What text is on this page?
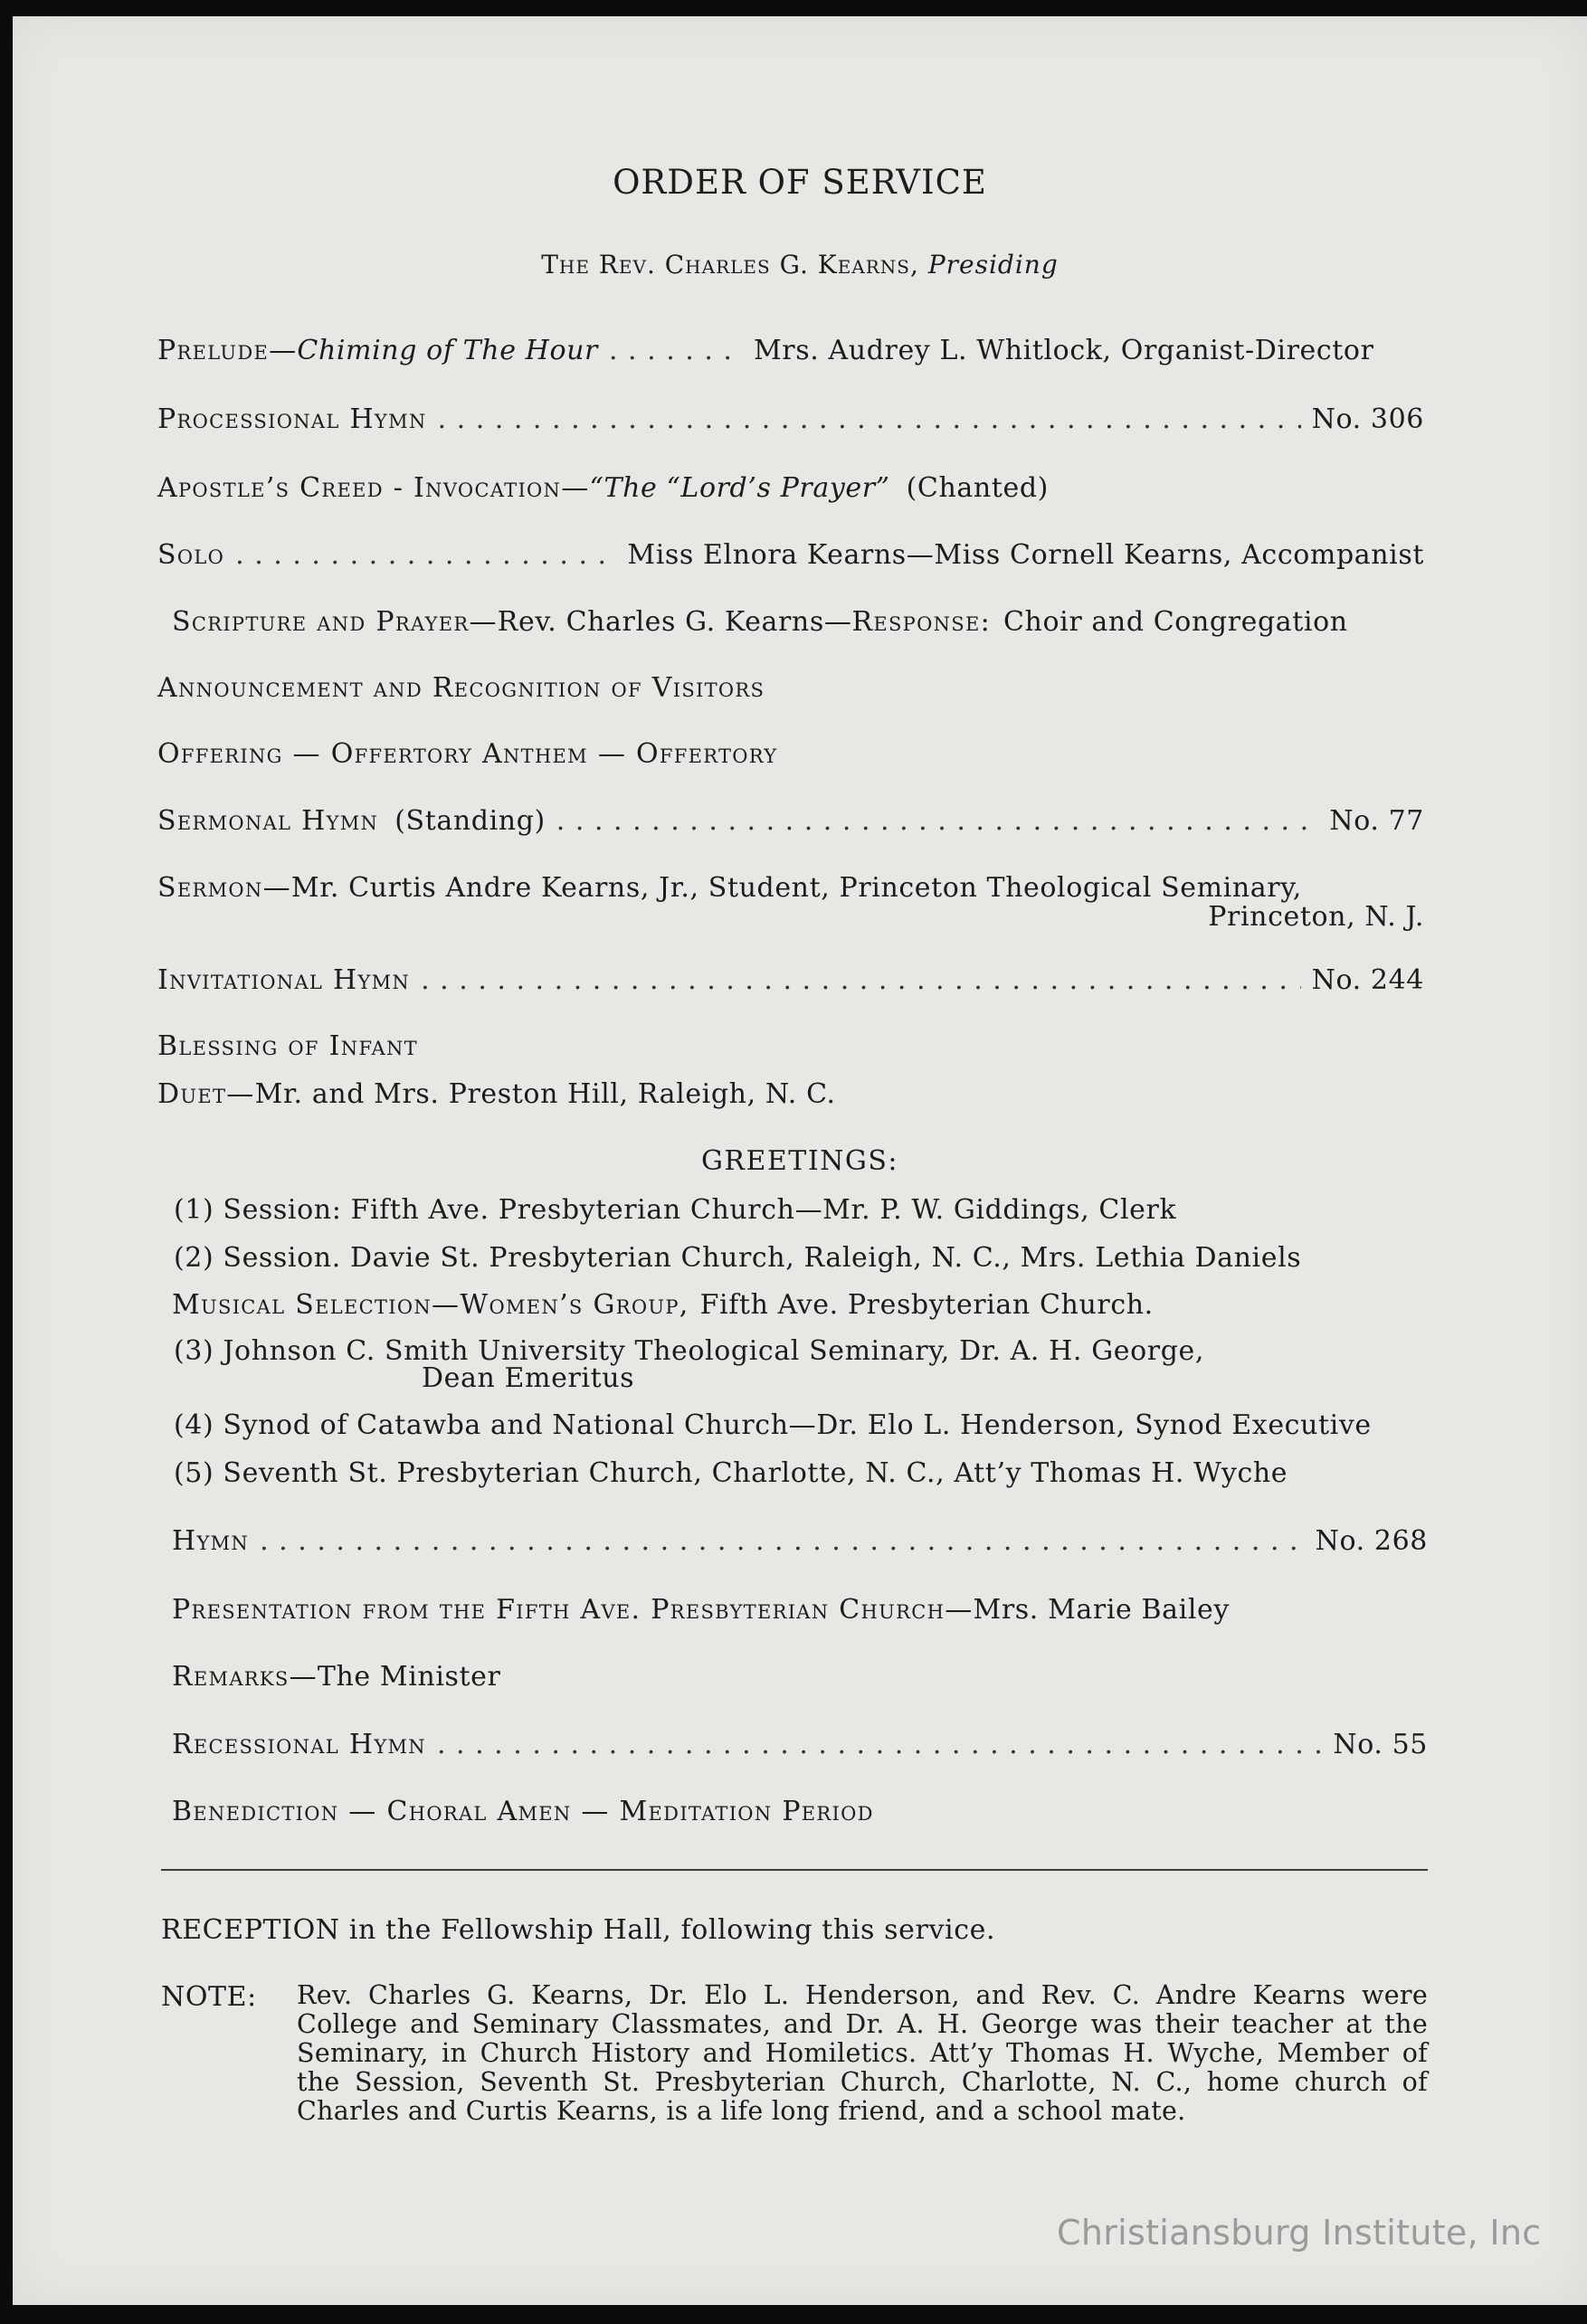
ORDER OF SERVICE
The Rev. Charles G. Kearns, Presiding
Prelude— Chiming of The Hour . . .	Mrs. Audrey L. Whitlock, Organist-Director
Processional Hymn . . .	No. 306
Apostle’s Creed - Invocation— “The “Lord’s Prayer” (Chanted)
Solo . . .	Miss Elnora Kearns—Miss Cornell Kearns, Accompanist
Scripture and Prayer— Rev. Charles G. Kearns— Response: Choir and Congregation
Announcement and Recognition of Visitors
Offering — Offertory Anthem — Offertory
Sermonal Hymn (Standing) . . .	No. 77
Sermon— Mr. Curtis Andre Kearns, Jr., Student, Princeton Theological Seminary,
Princeton, N. J.
Invitational Hymn . . .	No. 244
Blessing of Infant
Duet— Mr. and Mrs. Preston Hill, Raleigh, N. C.
GREETINGS:
(1) Session: Fifth Ave. Presbyterian Church—Mr. P. W. Giddings, Clerk
(2) Session. Davie St. Presbyterian Church, Raleigh, N. C., Mrs. Lethia Daniels
Musical Selection—Women’s Group, Fifth Ave. Presbyterian Church.
(3) Johnson C. Smith University Theological Seminary, Dr. A. H. George,
Dean Emeritus
(4) Synod of Catawba and National Church—Dr. Elo L. Henderson, Synod Executive
(5) Seventh St. Presbyterian Church, Charlotte, N. C., Att’y Thomas H. Wyche
Hymn . . .	No. 268
Presentation from the Fifth Ave. Presbyterian Church— Mrs. Marie Bailey
Remarks— The Minister
Recessional Hymn . . .	No. 55
Benediction — Choral Amen — Meditation Period
RECEPTION in the Fellowship Hall, following this service.
NOTE: Rev. Charles G. Kearns, Dr. Elo L. Henderson, and Rev. C. Andre Kearns were College and Seminary Classmates, and Dr. A. H. George was their teacher at the Seminary, in Church History and Homiletics. Att’y Thomas H. Wyche, Member of the Session, Seventh St. Presbyterian Church, Charlotte, N. C., home church of Charles and Curtis Kearns, is a life long friend, and a school mate.
Christiansburg Institute, Inc
